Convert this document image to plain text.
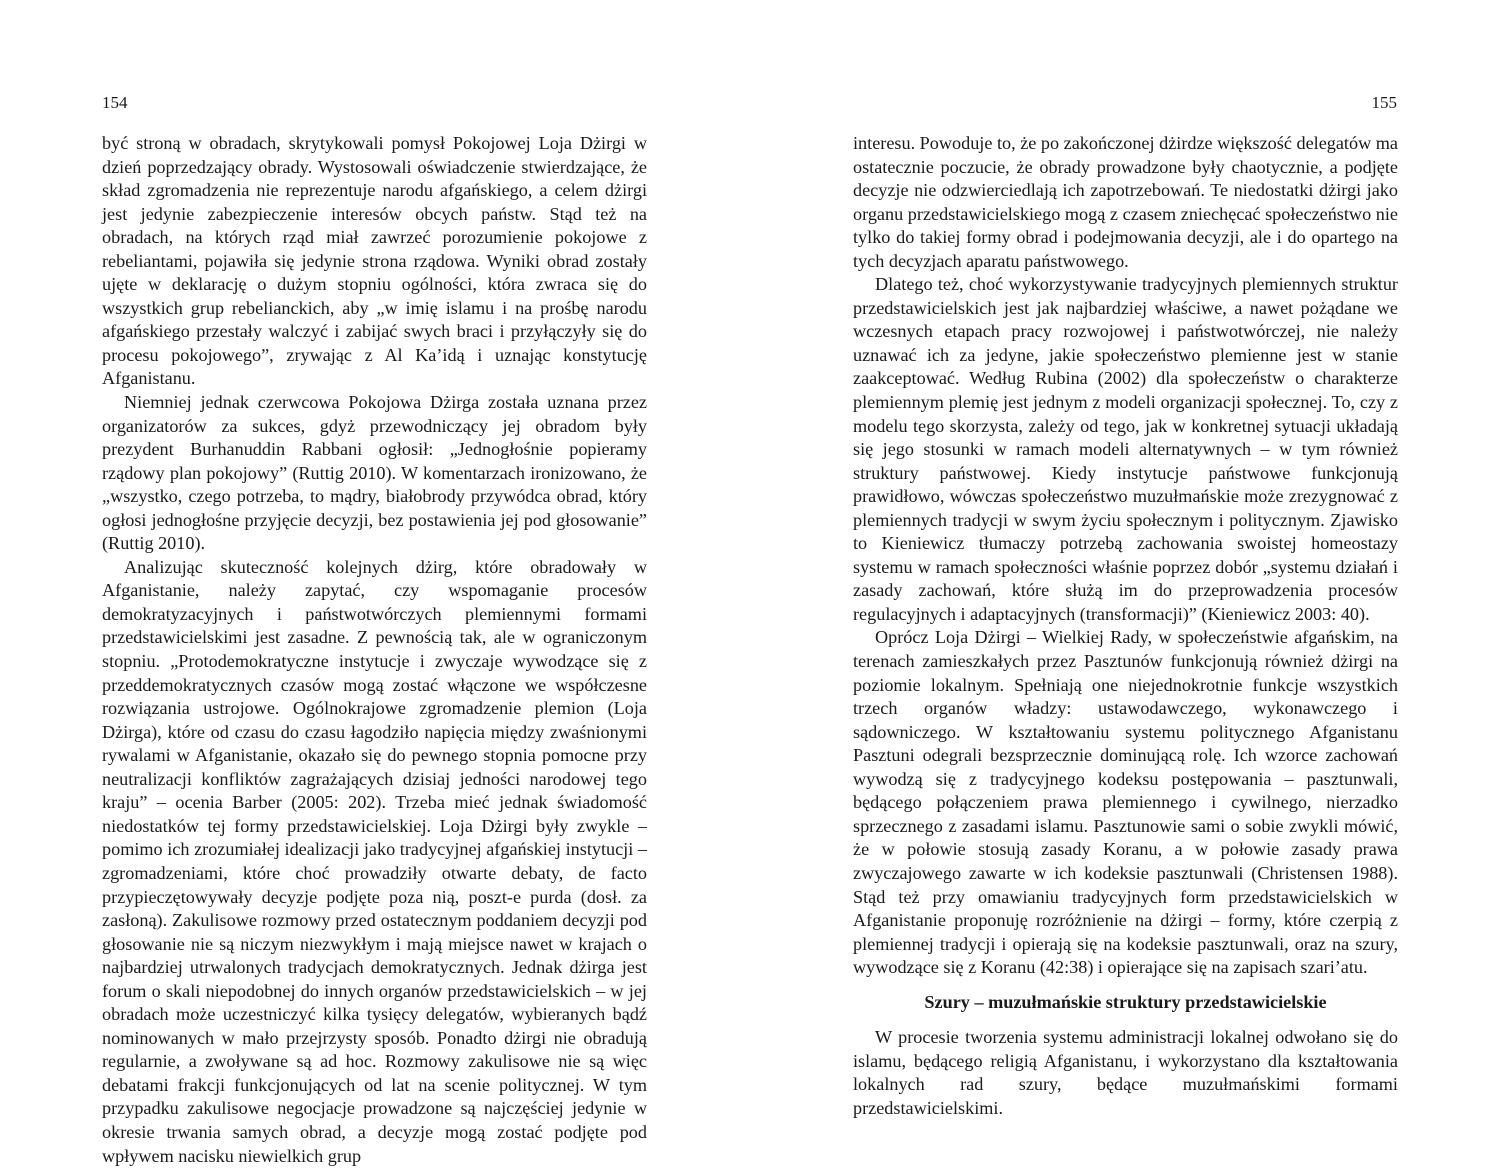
154

być stroną w obradach, skrytykowali pomysł Pokojowej Loja Dżirgi w dzień poprzedzający obrady. Wystosowali oświadczenie stwierdzające, że skład zgromadzenia nie reprezentuje narodu afgańskiego, a celem dżirgi jest jedynie zabezpieczenie interesów obcych państw. Stąd też na obradach, na których rząd miał zawrzeć porozumienie pokojowe z rebeliantami, pojawiła się jedynie strona rządowa. Wyniki obrad zostały ujęte w deklarację o dużym stopniu ogólności, która zwraca się do wszystkich grup rebelianckich, aby „w imię islamu i na prośbę narodu afgańskiego przestały walczyć i zabijać swych braci i przyłączyły się do procesu pokojowego”, zrywając z Al Ka’idą i uznając konstytucję Afganistanu.

Niemniej jednak czerwcowa Pokojowa Dżirga została uznana przez organizatorów za sukces, gdyż przewodniczący jej obradom były prezydent Burhanuddin Rabbani ogłosił: „Jednogłośnie popieramy rządowy plan pokojowy” (Ruttig 2010). W komentarzach ironizowano, że „wszystko, czego potrzeba, to mądry, białobrody przywódca obrad, który ogłosi jednogłośne przyjęcie decyzji, bez postawienia jej pod głosowanie” (Ruttig 2010).

Analizując skuteczność kolejnych dżirg, które obradowały w Afganistanie, należy zapytać, czy wspomaganie procesów demokratyzacyjnych i państwotwórczych plemiennymi formami przedstawicielskimi jest zasadne. Z pewnością tak, ale w ograniczonym stopniu. „Protodemokratyczne instytucje i zwyczaje wywodzące się z przeddemokratycznych czasów mogą zostać włączone we współczesne rozwiązania ustrojowe. Ogólnokrajowe zgromadzenie plemion (Loja Dżirga), które od czasu do czasu łagodziło napięcia między zwaśnionymi rywalami w Afganistanie, okazało się do pewnego stopnia pomocne przy neutralizacji konfliktów zagrażających dzisiaj jedności narodowej tego kraju” – ocenia Barber (2005: 202). Trzeba mieć jednak świadomość niedostatków tej formy przedstawicielskiej. Loja Dżirgi były zwykle – pomimo ich zrozumiałej idealizacji jako tradycyjnej afgańskiej instytucji – zgromadzeniami, które choć prowadziły otwarte debaty, de facto przypieczętowywały decyzje podjęte poza nią, poszt-e purda (dosł. za zasłoną). Zakulisowe rozmowy przed ostatecznym poddaniem decyzji pod głosowanie nie są niczym niezwykłym i mają miejsce nawet w krajach o najbardziej utrwalonych tradycjach demokratycznych. Jednak dżirga jest forum o skali niepodobnej do innych organów przedstawicielskich – w jej obradach może uczestniczyć kilka tysięcy delegatów, wybieranych bądź nominowanych w mało przejrzysty sposób. Ponadto dżirgi nie obradują regularnie, a zwoływane są ad hoc. Rozmowy zakulisowe nie są więc debatami frakcji funkcjonujących od lat na scenie politycznej. W tym przypadku zakulisowe negocjacje prowadzone są najczęściej jedynie w okresie trwania samych obrad, a decyzje mogą zostać podjęte pod wpływem nacisku niewielkich grup

155

interesu. Powoduje to, że po zakończonej dżirdze większość delegatów ma ostatecznie poczucie, że obrady prowadzone były chaotycznie, a podjęte decyzje nie odzwierciedlają ich zapotrzebowań. Te niedostatki dżirgi jako organu przedstawicielskiego mogą z czasem zniechęcać społeczeństwo nie tylko do takiej formy obrad i podejmowania decyzji, ale i do opartego na tych decyzjach aparatu państwowego.

Dlatego też, choć wykorzystywanie tradycyjnych plemiennych struktur przedstawicielskich jest jak najbardziej właściwe, a nawet pożądane we wczesnych etapach pracy rozwojowej i państwotwórczej, nie należy uznawać ich za jedyne, jakie społeczeństwo plemienne jest w stanie zaakceptować. Według Rubina (2002) dla społeczeństw o charakterze plemiennym plemię jest jednym z modeli organizacji społecznej. To, czy z modelu tego skorzysta, zależy od tego, jak w konkretnej sytuacji układają się jego stosunki w ramach modeli alternatywnych – w tym również struktury państwowej. Kiedy instytucje państwowe funkcjonują prawidłowo, wówczas społeczeństwo muzułmańskie może zrezygnować z plemiennych tradycji w swym życiu społecznym i politycznym. Zjawisko to Kieniewicz tłumaczy potrzebą zachowania swoistej homeostazy systemu w ramach społeczności właśnie poprzez dobór „systemu działań i zasady zachowań, które służą im do przeprowadzenia procesów regulacyjnych i adaptacyjnych (transformacji)” (Kieniewicz 2003: 40).

Oprócz Loja Dżirgi – Wielkiej Rady, w społeczeństwie afgańskim, na terenach zamieszkałych przez Pasztunów funkcjonują również dżirgi na poziomie lokalnym. Spełniają one niejednokrotnie funkcje wszystkich trzech organów władzy: ustawodawczego, wykonawczego i sądowniczego. W kształtowaniu systemu politycznego Afganistanu Pasztuni odegrali bezsprzecznie dominującą rolę. Ich wzorce zachowań wywodzą się z tradycyjnego kodeksu postępowania – pasztunwali, będącego połączeniem prawa plemiennego i cywilnego, nierzadko sprzecznego z zasadami islamu. Pasztunowie sami o sobie zwykli mówić, że w połowie stosują zasady Koranu, a w połowie zasady prawa zwyczajowego zawarte w ich kodeksie pasztunwali (Christensen 1988). Stąd też przy omawianiu tradycyjnych form przedstawicielskich w Afganistanie proponuję rozróżnienie na dżirgi – formy, które czerpią z plemiennej tradycji i opierają się na kodeksie pasztunwali, oraz na szury, wywodzące się z Koranu (42:38) i opierające się na zapisach szari’atu.

Szury – muzułmańskie struktury przedstawicielskie

W procesie tworzenia systemu administracji lokalnej odwołano się do islamu, będącego religią Afganistanu, i wykorzystano dla kształtowania lokalnych rad szury, będące muzułmańskimi formami przedstawicielskimi.
